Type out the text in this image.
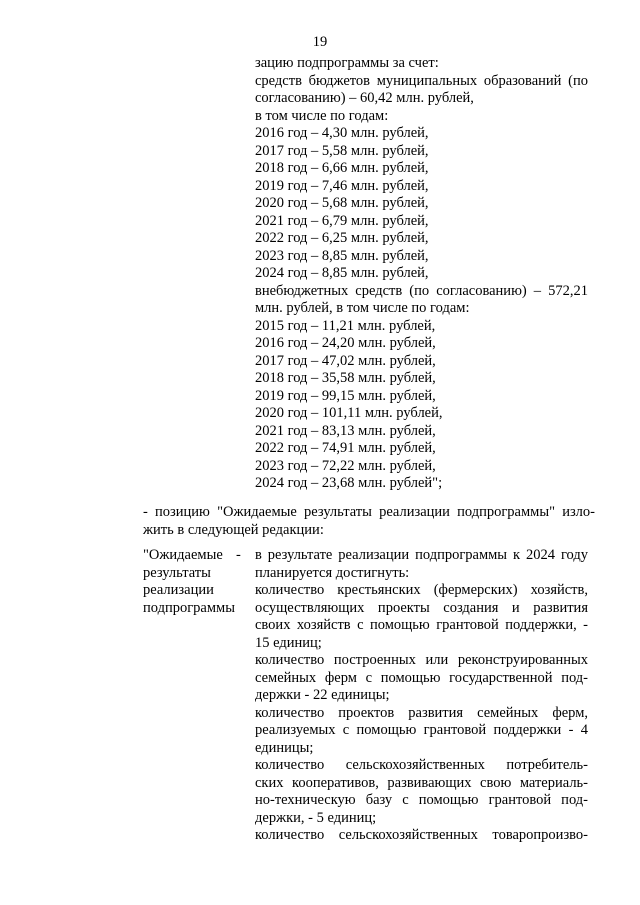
19
зацию подпрограммы за счет:
средств бюджетов муниципальных образований (по
согласованию) – 60,42 млн. рублей,
в том числе по годам:
2016 год – 4,30 млн. рублей,
2017 год – 5,58 млн. рублей,
2018 год – 6,66 млн. рублей,
2019 год – 7,46 млн. рублей,
2020 год – 5,68 млн. рублей,
2021 год – 6,79 млн. рублей,
2022 год – 6,25 млн. рублей,
2023 год – 8,85 млн. рублей,
2024 год – 8,85 млн. рублей,
внебюджетных средств (по согласованию) – 572,21
млн. рублей, в том числе по годам:
2015 год – 11,21 млн. рублей,
2016 год – 24,20 млн. рублей,
2017 год – 47,02 млн. рублей,
2018 год – 35,58 млн. рублей,
2019 год – 99,15 млн. рублей,
2020 год – 101,11 млн. рублей,
2021 год – 83,13 млн. рублей,
2022 год – 74,91 млн. рублей,
2023 год – 72,22 млн. рублей,
2024 год – 23,68 млн. рублей";
- позицию "Ожидаемые результаты реализации подпрограммы" изло-
жить в следующей редакции:
"Ожидаемые
результаты
реализации
подпрограммы
- в результате реализации подпрограммы к 2024 году
планируется достигнуть:
количество крестьянских (фермерских) хозяйств,
осуществляющих проекты создания и развития
своих хозяйств с помощью грантовой поддержки, -
15 единиц;
количество построенных или реконструированных
семейных ферм с помощью государственной под-
держки - 22 единицы;
количество проектов развития семейных ферм,
реализуемых с помощью грантовой поддержки - 4
единицы;
количество сельскохозяйственных потребитель-
ских кооперативов, развивающих свою материаль-
но-техническую базу с помощью грантовой под-
держки, - 5 единиц;
количество сельскохозяйственных товаропроизво-
